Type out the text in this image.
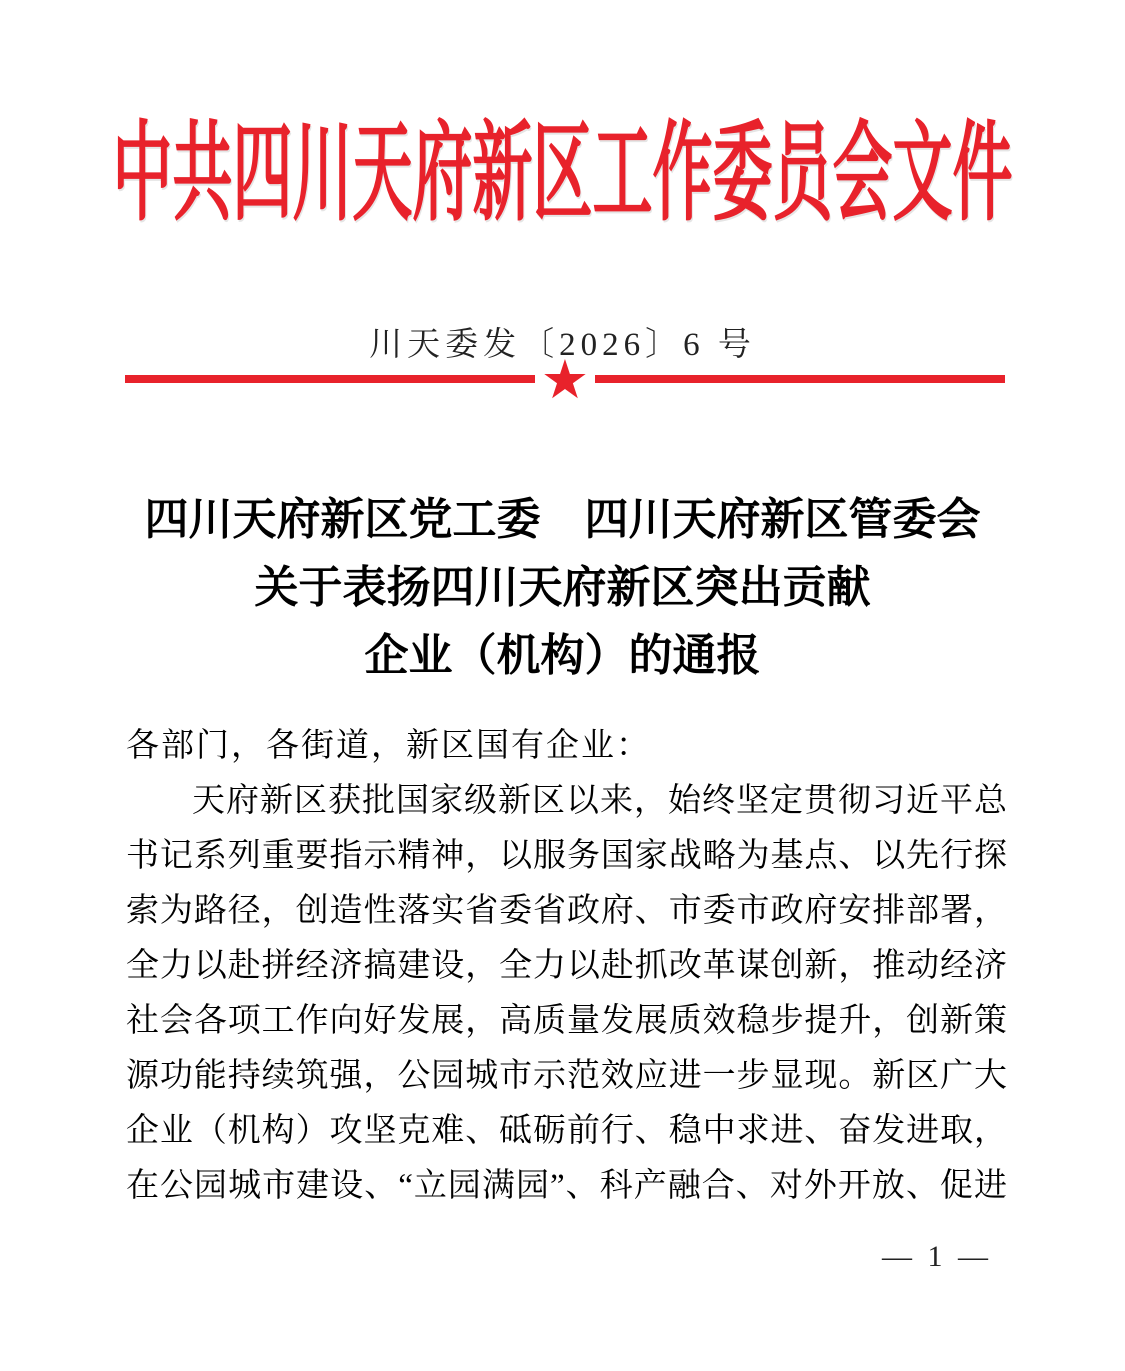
中共四川天府新区工作委员会文件
川天委发〔2026〕6 号
★
四川天府新区党工委　四川天府新区管委会
关于表扬四川天府新区突出贡献
企业（机构）的通报
各部门，各街道，新区国有企业：
天府新区获批国家级新区以来，始终坚定贯彻习近平总
书记系列重要指示精神，以服务国家战略为基点、以先行探
索为路径，创造性落实省委省政府、市委市政府安排部署，
全力以赴拼经济搞建设，全力以赴抓改革谋创新，推动经济
社会各项工作向好发展，高质量发展质效稳步提升，创新策
源功能持续筑强，公园城市示范效应进一步显现。新区广大
企业（机构）攻坚克难、砥砺前行、稳中求进、奋发进取，
在公园城市建设、“立园满园”、科产融合、对外开放、促进
— 1 —
